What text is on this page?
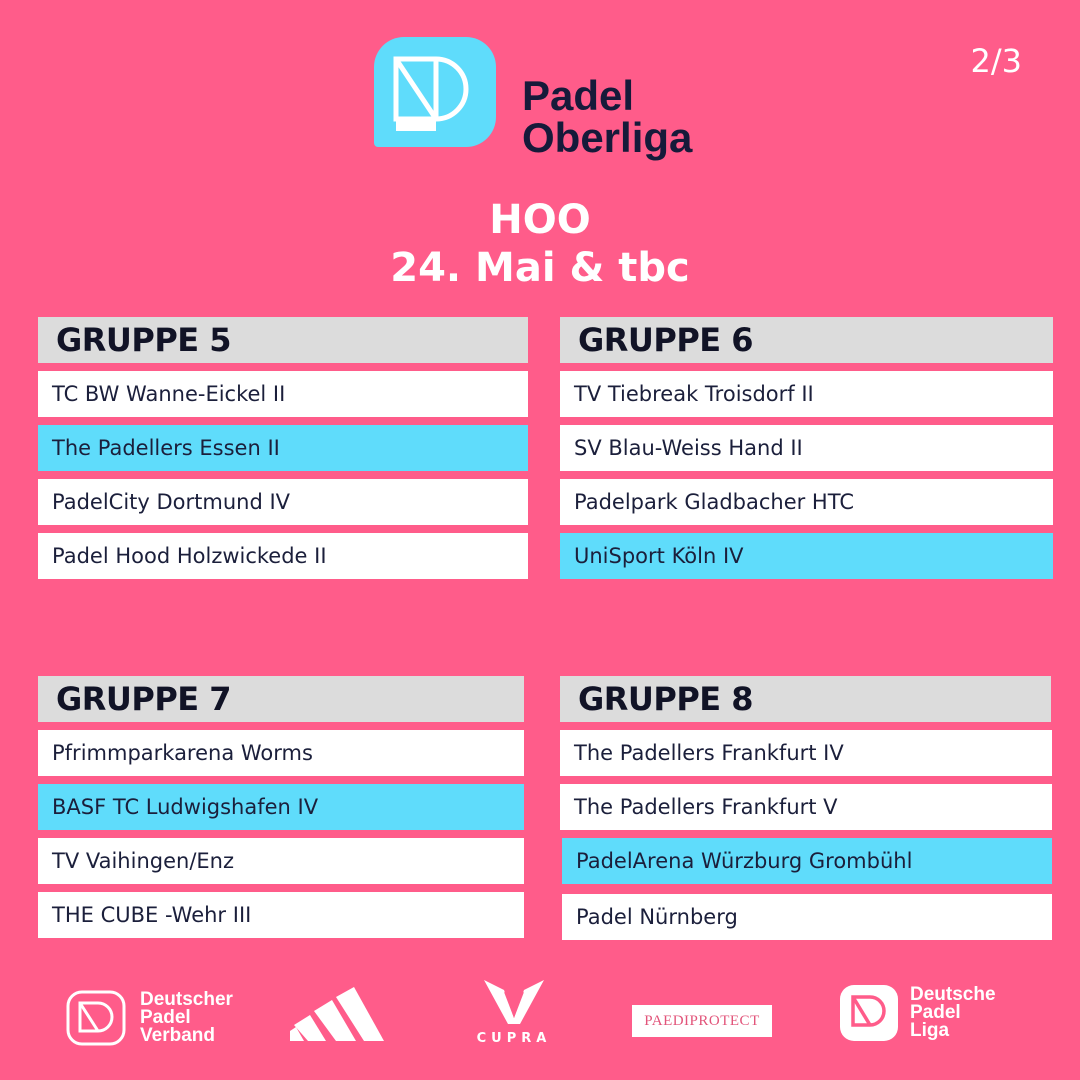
Padel
Oberliga
2/3
HOO
24. Mai & tbc
GRUPPE 5
TC BW Wanne-Eickel II
The Padellers Essen II
PadelCity Dortmund IV
Padel Hood Holzwickede II
GRUPPE 6
TV Tiebreak Troisdorf II
SV Blau-Weiss Hand II
Padelpark Gladbacher HTC
UniSport Köln IV
GRUPPE 7
Pfrimmparkarena Worms
BASF TC Ludwigshafen IV
TV Vaihingen/Enz
THE CUBE -Wehr III
GRUPPE 8
The Padellers Frankfurt IV
The Padellers Frankfurt V
PadelArena Würzburg Grombühl
Padel Nürnberg
Deutscher
Padel
Verband	CUPRA
PAEDIPROTECT
Deutsche
Padel
Liga
